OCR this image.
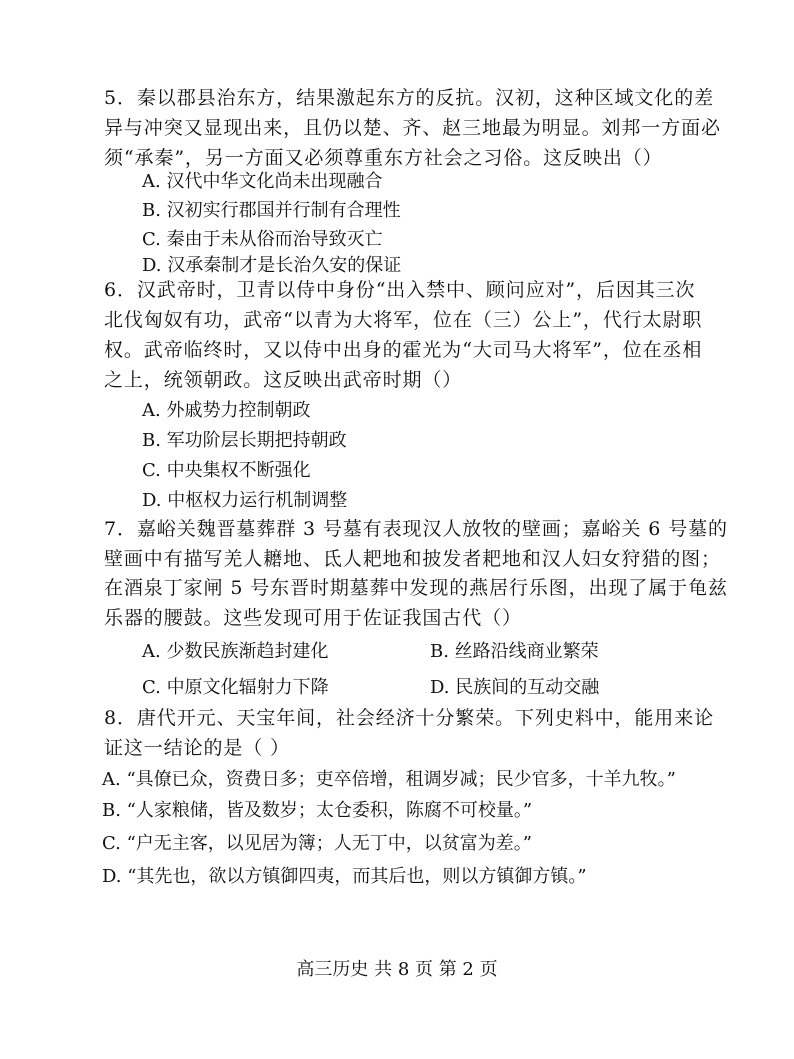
5．秦以郡县治东方，结果激起东方的反抗。汉初，这种区域文化的差
异与冲突又显现出来，且仍以楚、齐、赵三地最为明显。刘邦一方面必
须“承秦”，另一方面又必须尊重东方社会之习俗。这反映出（）
A. 汉代中华文化尚未出现融合
B. 汉初实行郡国并行制有合理性
C. 秦由于未从俗而治导致灭亡
D. 汉承秦制才是长治久安的保证
6．汉武帝时，卫青以侍中身份“出入禁中、顾问应对”，后因其三次
北伐匈奴有功，武帝“以青为大将军，位在（三）公上”，代行太尉职
权。武帝临终时，又以侍中出身的霍光为“大司马大将军”，位在丞相
之上，统领朝政。这反映出武帝时期（）
A. 外戚势力控制朝政
B. 军功阶层长期把持朝政
C. 中央集权不断强化
D. 中枢权力运行机制调整
7．嘉峪关魏晋墓葬群 3 号墓有表现汉人放牧的壁画；嘉峪关 6 号墓的
壁画中有描写羌人耱地、氐人耙地和披发者耙地和汉人妇女狩猎的图；
在酒泉丁家闸 5 号东晋时期墓葬中发现的燕居行乐图，出现了属于龟兹
乐器的腰鼓。这些发现可用于佐证我国古代（）
A. 少数民族渐趋封建化	B. 丝路沿线商业繁荣
C. 中原文化辐射力下降	D. 民族间的互动交融
8．唐代开元、天宝年间，社会经济十分繁荣。下列史料中，能用来论
证这一结论的是（ ）
A. “具僚已众，资费日多；吏卒倍增，租调岁减；民少官多，十羊九牧。”
B. “人家粮储，皆及数岁；太仓委积，陈腐不可校量。”
C. “户无主客，以见居为簿；人无丁中，以贫富为差。”
D. “其先也，欲以方镇御四夷，而其后也，则以方镇御方镇。”
高三历史 共 8 页 第 2 页
